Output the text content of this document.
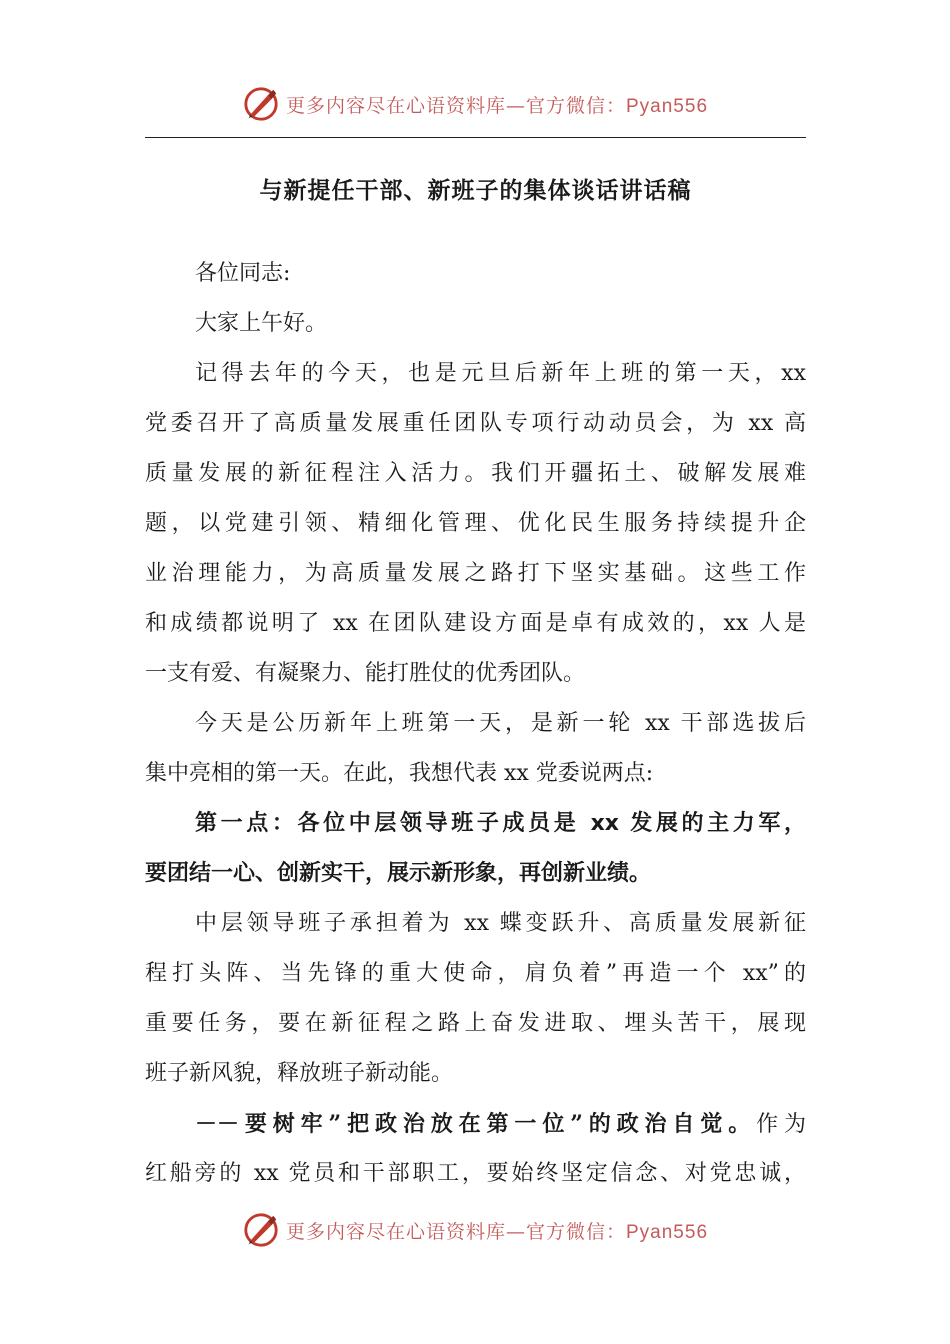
更多内容尽在心语资料库—官方微信：Pyan556
与新提任干部、新班子的集体谈话讲话稿
各位同志:
大家上午好。
记得去年的今天，也是元旦后新年上班的第一天，xx
党委召开了高质量发展重任团队专项行动动员会，为 xx 高
质量发展的新征程注入活力。我们开疆拓土、破解发展难
题，以党建引领、精细化管理、优化民生服务持续提升企
业治理能力，为高质量发展之路打下坚实基础。这些工作
和成绩都说明了 xx 在团队建设方面是卓有成效的，xx 人是
一支有爱、有凝聚力、能打胜仗的优秀团队。
今天是公历新年上班第一天，是新一轮 xx 干部选拔后
集中亮相的第一天。在此，我想代表 xx 党委说两点:
第一点：各位中层领导班子成员是 xx 发展的主力军，
要团结一心、创新实干，展示新形象，再创新业绩。
中层领导班子承担着为 xx 蝶变跃升、高质量发展新征
程打头阵、当先锋的重大使命，肩负着”再造一个 xx”的
重要任务，要在新征程之路上奋发进取、埋头苦干，展现
班子新风貌，释放班子新动能。
－－要树牢”把政治放在第一位”的政治自觉。作为
红船旁的 xx 党员和干部职工，要始终坚定信念、对党忠诚，
更多内容尽在心语资料库—官方微信：Pyan556
